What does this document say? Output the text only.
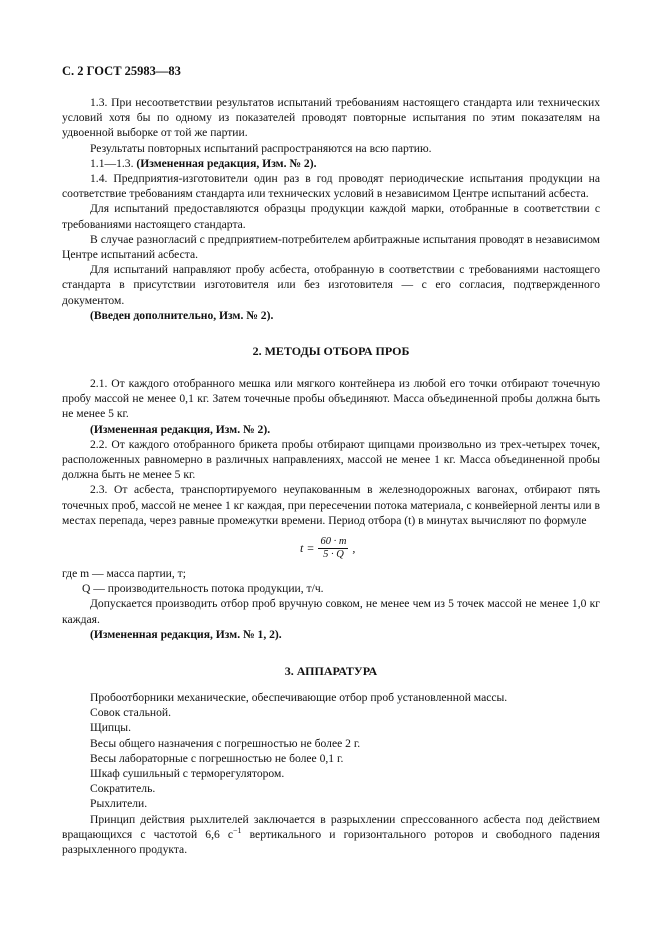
С. 2 ГОСТ 25983—83

1.3. При несоответствии результатов испытаний требованиям настоящего стандарта или технических условий хотя бы по одному из показателей проводят повторные испытания по этим показателям на удвоенной выборке от той же партии.

Результаты повторных испытаний распространяются на всю партию.

1.1—1.3. (Измененная редакция, Изм. № 2).

1.4. Предприятия-изготовители один раз в год проводят периодические испытания продукции на соответствие требованиям стандарта или технических условий в независимом Центре испытаний асбеста.

Для испытаний предоставляются образцы продукции каждой марки, отобранные в соответствии с требованиями настоящего стандарта.

В случае разногласий с предприятием-потребителем арбитражные испытания проводят в независимом Центре испытаний асбеста.

Для испытаний направляют пробу асбеста, отобранную в соответствии с требованиями настоящего стандарта в присутствии изготовителя или без изготовителя — с его согласия, подтвержденного документом.

(Введен дополнительно, Изм. № 2).

2. МЕТОДЫ ОТБОРА ПРОБ

2.1. От каждого отобранного мешка или мягкого контейнера из любой его точки отбирают точечную пробу массой не менее 0,1 кг. Затем точечные пробы объединяют. Масса объединенной пробы должна быть не менее 5 кг.

(Измененная редакция, Изм. № 2).

2.2. От каждого отобранного брикета пробы отбирают щипцами произвольно из трех-четырех точек, расположенных равномерно в различных направлениях, массой не менее 1 кг. Масса объединенной пробы должна быть не менее 5 кг.

2.3. От асбеста, транспортируемого неупакованным в железнодорожных вагонах, отбирают пять точечных проб, массой не менее 1 кг каждая, при пересечении потока материала, с конвейерной ленты или в местах перепада, через равные промежутки времени. Период отбора (t) в минутах вычисляют по формуле

$t = \frac{60 \cdot m}{5 \cdot Q}$ ,

где m — масса партии, т;

Q — производительность потока продукции, т/ч.

Допускается производить отбор проб вручную совком, не менее чем из 5 точек массой не менее 1,0 кг каждая.

(Измененная редакция, Изм. № 1, 2).

3. АППАРАТУРА

Пробоотборники механические, обеспечивающие отбор проб установленной массы.

Совок стальной.

Щипцы.

Весы общего назначения с погрешностью не более 2 г.

Весы лабораторные с погрешностью не более 0,1 г.

Шкаф сушильный с терморегулятором.

Сократитель.

Рыхлители.

Принцип действия рыхлителей заключается в разрыхлении спрессованного асбеста под действием вращающихся с частотой 6,6 $с^{-1}$ вертикального и горизонтального роторов и свободного падения разрыхленного продукта.
